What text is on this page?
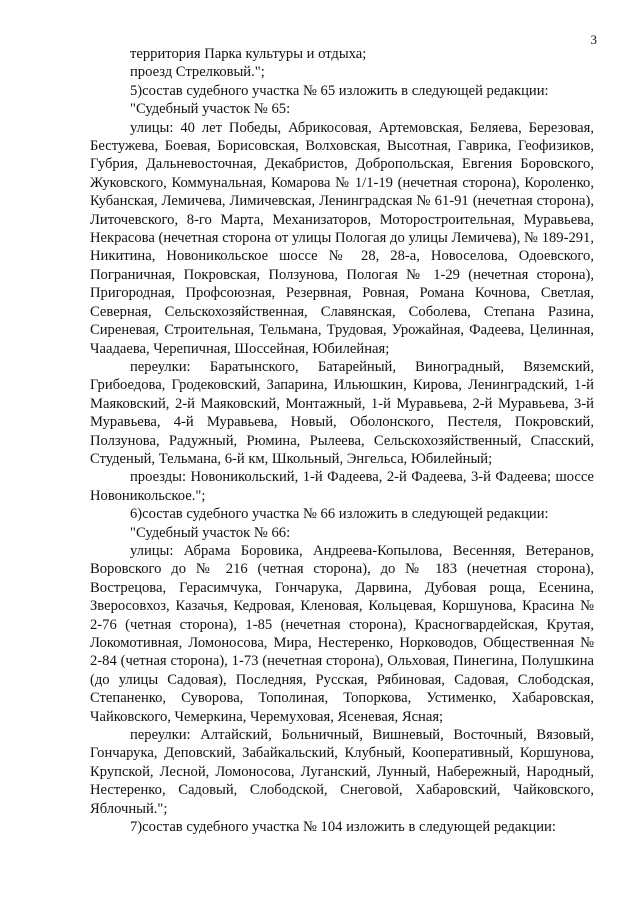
3

территория Парка культуры и отдыха;

проезд Стрелковый.";

5)состав судебного участка № 65 изложить в следующей редакции:

"Судебный участок № 65:

улицы: 40 лет Победы, Абрикосовая, Артемовская, Беляева, Березовая, Бестужева, Боевая, Борисовская, Волховская, Высотная, Гаврика, Геофизиков, Губрия, Дальневосточная, Декабристов, Добропольская, Евгения Боровского, Жуковского, Коммунальная, Комарова № 1/1-19 (нечетная сторона), Короленко, Кубанская, Лемичева, Лимичевская, Ленинградская № 61-91 (нечетная сторона), Литочевского, 8-го Марта, Механизаторов, Моторостроительная, Муравьева, Некрасова (нечетная сторона от улицы Пологая до улицы Лемичева), № 189-291, Никитина, Новоникольское шоссе № 28, 28-а, Новоселова, Одоевского, Пограничная, Покровская, Ползунова, Пологая № 1-29 (нечетная сторона), Пригородная, Профсоюзная, Резервная, Ровная, Романа Кочнова, Светлая, Северная, Сельскохозяйственная, Славянская, Соболева, Степана Разина, Сиреневая, Строительная, Тельмана, Трудовая, Урожайная, Фадеева, Целинная, Чаадаева, Черепичная, Шоссейная, Юбилейная;

переулки: Баратынского, Батарейный, Виноградный, Вяземский, Грибоедова, Гродековский, Запарина, Ильюшкин, Кирова, Ленинградский, 1-й Маяковский, 2-й Маяковский, Монтажный, 1-й Муравьева, 2-й Муравьева, 3-й Муравьева, 4-й Муравьева, Новый, Оболонского, Пестеля, Покровский, Ползунова, Радужный, Рюмина, Рылеева, Сельскохозяйственный, Спасский, Студеный, Тельмана, 6-й км, Школьный, Энгельса, Юбилейный;

проезды: Новоникольский, 1-й Фадеева, 2-й Фадеева, 3-й Фадеева; шоссе Новоникольское.";

6)состав судебного участка № 66 изложить в следующей редакции:

"Судебный участок № 66:

улицы: Абрама Боровика, Андреева-Копылова, Весенняя, Ветеранов, Воровского до № 216 (четная сторона), до № 183 (нечетная сторона), Вострецова, Герасимчука, Гончарука, Дарвина, Дубовая роща, Есенина, Зверосовхоз, Казачья, Кедровая, Кленовая, Кольцевая, Коршунова, Красина № 2-76 (четная сторона), 1-85 (нечетная сторона), Красногвардейская, Крутая, Локомотивная, Ломоносова, Мира, Нестеренко, Норководов, Общественная № 2-84 (четная сторона), 1-73 (нечетная сторона), Ольховая, Пинегина, Полушкина (до улицы Садовая), Последняя, Русская, Рябиновая, Садовая, Слободская, Степаненко, Суворова, Тополиная, Топоркова, Устименко, Хабаровская, Чайковского, Чемеркина, Черемуховая, Ясеневая, Ясная;

переулки: Алтайский, Больничный, Вишневый, Восточный, Вязовый, Гончарука, Деповский, Забайкальский, Клубный, Кооперативный, Коршунова, Крупской, Лесной, Ломоносова, Луганский, Лунный, Набережный, Народный, Нестеренко, Садовый, Слободской, Снеговой, Хабаровский, Чайковского, Яблочный.";

7)состав судебного участка № 104 изложить в следующей редакции:
